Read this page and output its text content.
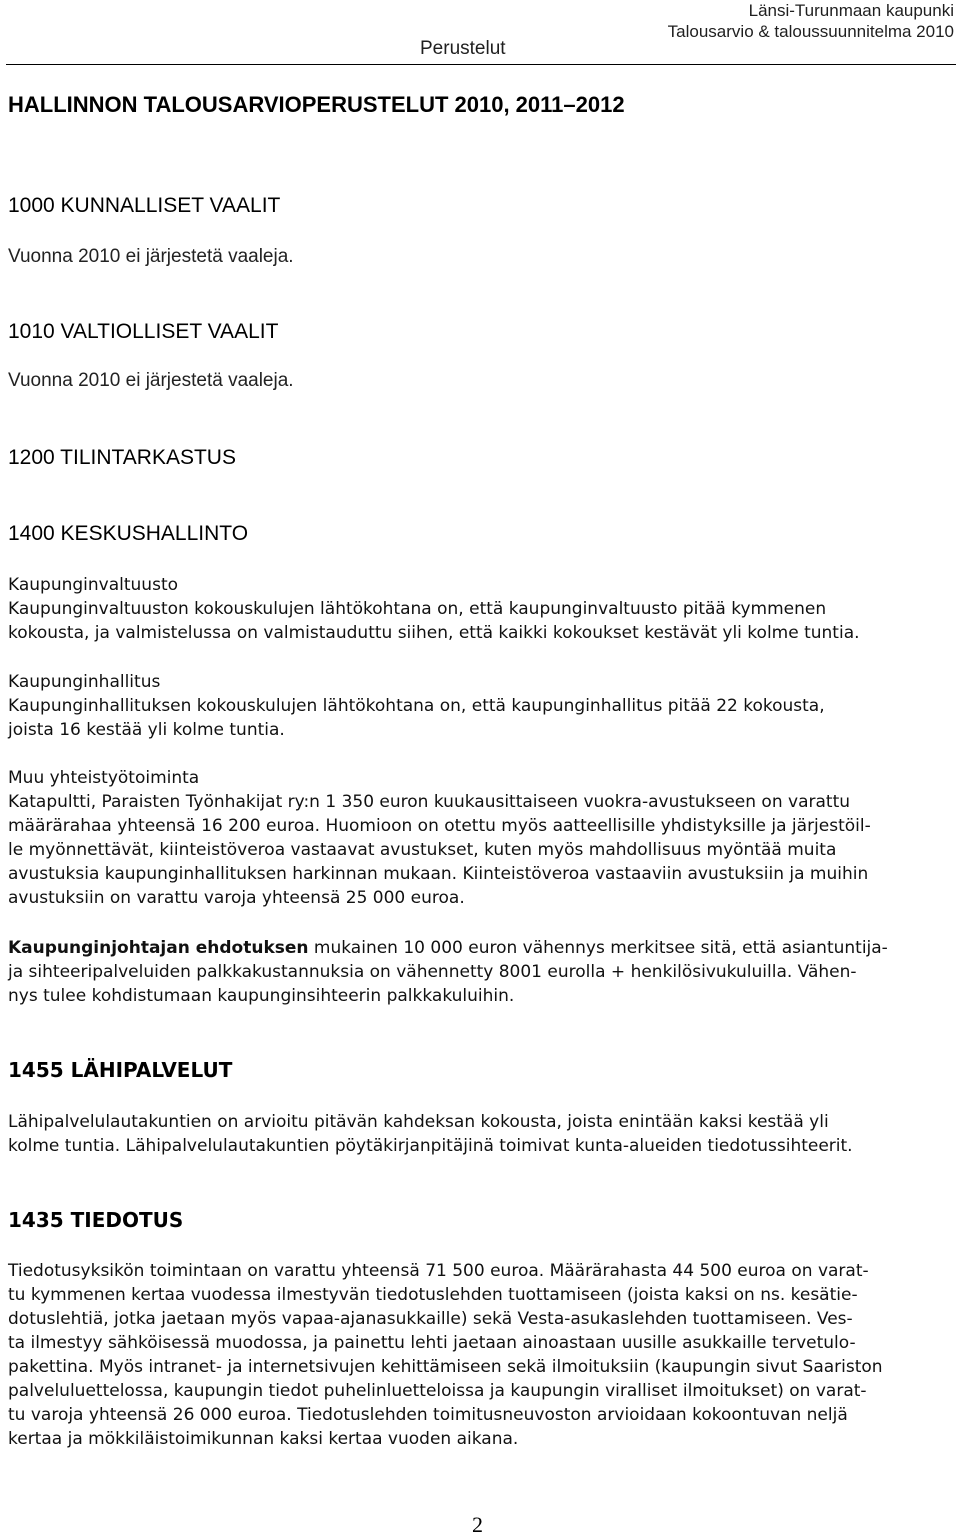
Perustelut
Länsi-Turunmaan kaupunki
Talousarvio & taloussuunnitelma 2010
HALLINNON TALOUSARVIOPERUSTELUT 2010, 2011–2012
1000 KUNNALLISET VAALIT
Vuonna 2010 ei järjestetä vaaleja.
1010 VALTIOLLISET VAALIT
Vuonna 2010 ei järjestetä vaaleja.
1200 TILINTARKASTUS
1400 KESKUSHALLINTO
Kaupunginvaltuusto
Kaupunginvaltuuston kokouskulujen lähtökohtana on, että kaupunginvaltuusto pitää kymmenen
kokousta, ja valmistelussa on valmistauduttu siihen, että kaikki kokoukset kestävät yli kolme tuntia.
Kaupunginhallitus
Kaupunginhallituksen kokouskulujen lähtökohtana on, että kaupunginhallitus pitää 22 kokousta,
joista 16 kestää yli kolme tuntia.
Muu yhteistyötoiminta
Katapultti, Paraisten Työnhakijat ry:n 1 350 euron kuukausittaiseen vuokra-avustukseen on varattu
määrärahaa yhteensä 16 200 euroa. Huomioon on otettu myös aatteellisille yhdistyksille ja järjestöil-
le myönnettävät, kiinteistöveroa vastaavat avustukset, kuten myös mahdollisuus myöntää muita
avustuksia kaupunginhallituksen harkinnan mukaan. Kiinteistöveroa vastaaviin avustuksiin ja muihin
avustuksiin on varattu varoja yhteensä 25 000 euroa.
Kaupunginjohtajan ehdotuksen mukainen 10 000 euron vähennys merkitsee sitä, että asiantuntija-
ja sihteeripalveluiden palkkakustannuksia on vähennetty 8001 eurolla + henkilösivukuluilla. Vähen-
nys tulee kohdistumaan kaupunginsihteerin palkkakuluihin.
1455 LÄHIPALVELUT
Lähipalvelulautakuntien on arvioitu pitävän kahdeksan kokousta, joista enintään kaksi kestää yli
kolme tuntia. Lähipalvelulautakuntien pöytäkirjanpitäjinä toimivat kunta-alueiden tiedotussihteerit.
1435 TIEDOTUS
Tiedotusyksikön toimintaan on varattu yhteensä 71 500 euroa. Määrärahasta 44 500 euroa on varat-
tu kymmenen kertaa vuodessa ilmestyvän tiedotuslehden tuottamiseen (joista kaksi on ns. kesätie-
dotuslehtiä, jotka jaetaan myös vapaa-ajanasukkaille) sekä Vesta-asukaslehden tuottamiseen. Ves-
ta ilmestyy sähköisessä muodossa, ja painettu lehti jaetaan ainoastaan uusille asukkaille tervetulo-
pakettina. Myös intranet- ja internetsivujen kehittämiseen sekä ilmoituksiin (kaupungin sivut Saariston
palveluluettelossa, kaupungin tiedot puhelinluetteloissa ja kaupungin viralliset ilmoitukset) on varat-
tu varoja yhteensä 26 000 euroa. Tiedotuslehden toimitusneuvoston arvioidaan kokoontuvan neljä
kertaa ja mökkiläistoimikunnan kaksi kertaa vuoden aikana.
2
